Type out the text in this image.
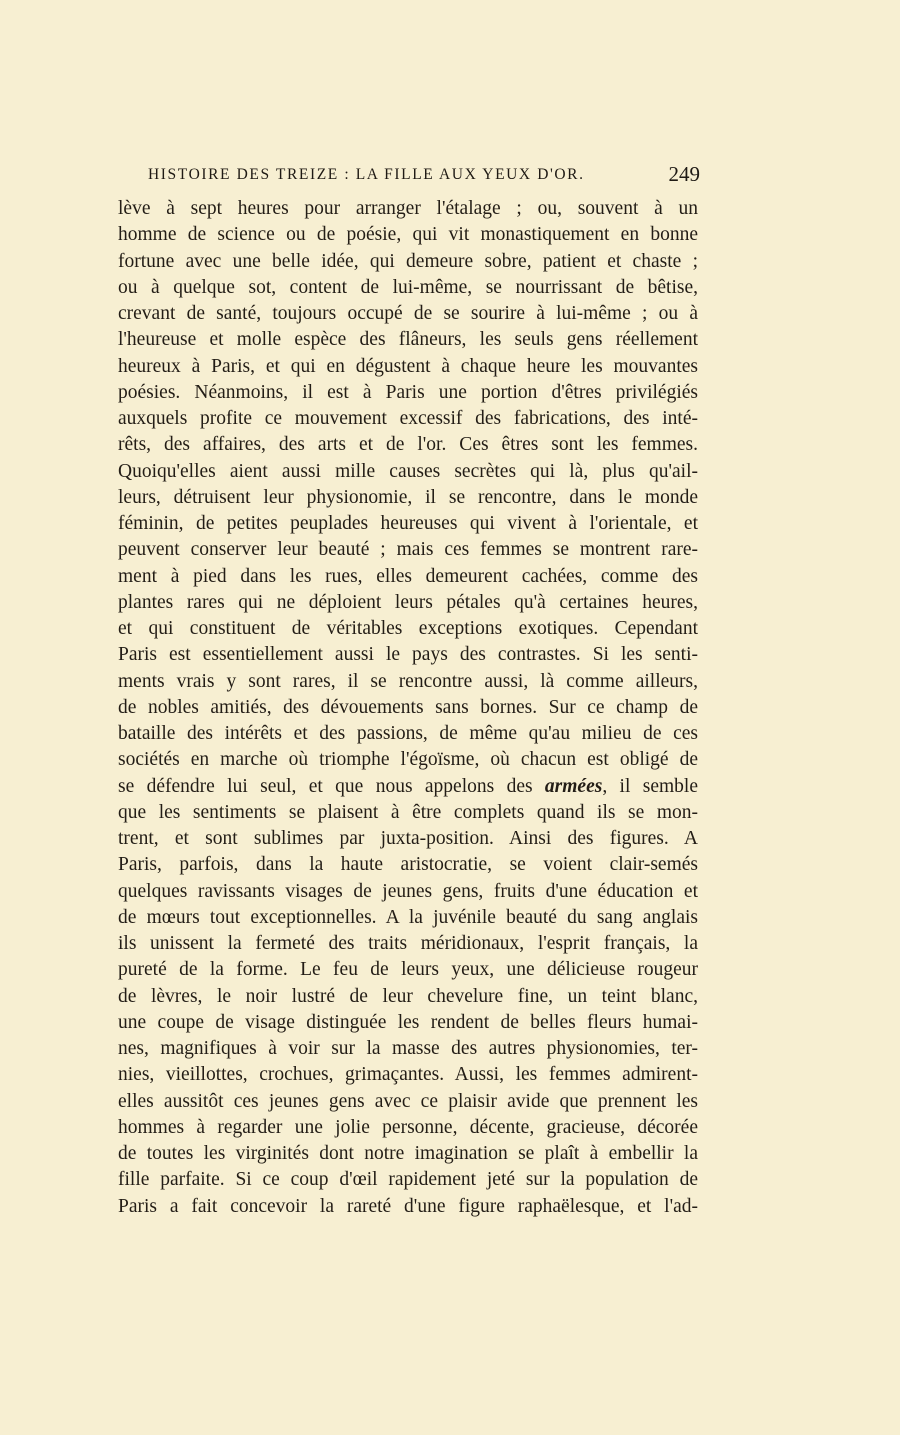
HISTOIRE DES TREIZE : LA FILLE AUX YEUX D'OR.	249
lève à sept heures pour arranger l'étalage ; ou, souvent à un
homme de science ou de poésie, qui vit monastiquement en bonne
fortune avec une belle idée, qui demeure sobre, patient et chaste ;
ou à quelque sot, content de lui-même, se nourrissant de bêtise,
crevant de santé, toujours occupé de se sourire à lui-même ; ou à
l'heureuse et molle espèce des flâneurs, les seuls gens réellement
heureux à Paris, et qui en dégustent à chaque heure les mouvantes
poésies. Néanmoins, il est à Paris une portion d'êtres privilégiés
auxquels profite ce mouvement excessif des fabrications, des inté-
rêts, des affaires, des arts et de l'or. Ces êtres sont les femmes.
Quoiqu'elles aient aussi mille causes secrètes qui là, plus qu'ail-
leurs, détruisent leur physionomie, il se rencontre, dans le monde
féminin, de petites peuplades heureuses qui vivent à l'orientale, et
peuvent conserver leur beauté ; mais ces femmes se montrent rare-
ment à pied dans les rues, elles demeurent cachées, comme des
plantes rares qui ne déploient leurs pétales qu'à certaines heures,
et qui constituent de véritables exceptions exotiques. Cependant
Paris est essentiellement aussi le pays des contrastes. Si les senti-
ments vrais y sont rares, il se rencontre aussi, là comme ailleurs,
de nobles amitiés, des dévouements sans bornes. Sur ce champ de
bataille des intérêts et des passions, de même qu'au milieu de ces
sociétés en marche où triomphe l'égoïsme, où chacun est obligé de
se défendre lui seul, et que nous appelons des armées, il semble
que les sentiments se plaisent à être complets quand ils se mon-
trent, et sont sublimes par juxta-position. Ainsi des figures. A
Paris, parfois, dans la haute aristocratie, se voient clair-semés
quelques ravissants visages de jeunes gens, fruits d'une éducation et
de mœurs tout exceptionnelles. A la juvénile beauté du sang anglais
ils unissent la fermeté des traits méridionaux, l'esprit français, la
pureté de la forme. Le feu de leurs yeux, une délicieuse rougeur
de lèvres, le noir lustré de leur chevelure fine, un teint blanc,
une coupe de visage distinguée les rendent de belles fleurs humai-
nes, magnifiques à voir sur la masse des autres physionomies, ter-
nies, vieillottes, crochues, grimaçantes. Aussi, les femmes admirent-
elles aussitôt ces jeunes gens avec ce plaisir avide que prennent les
hommes à regarder une jolie personne, décente, gracieuse, décorée
de toutes les virginités dont notre imagination se plaît à embellir la
fille parfaite. Si ce coup d'œil rapidement jeté sur la population de
Paris a fait concevoir la rareté d'une figure raphaëlesque, et l'ad-
